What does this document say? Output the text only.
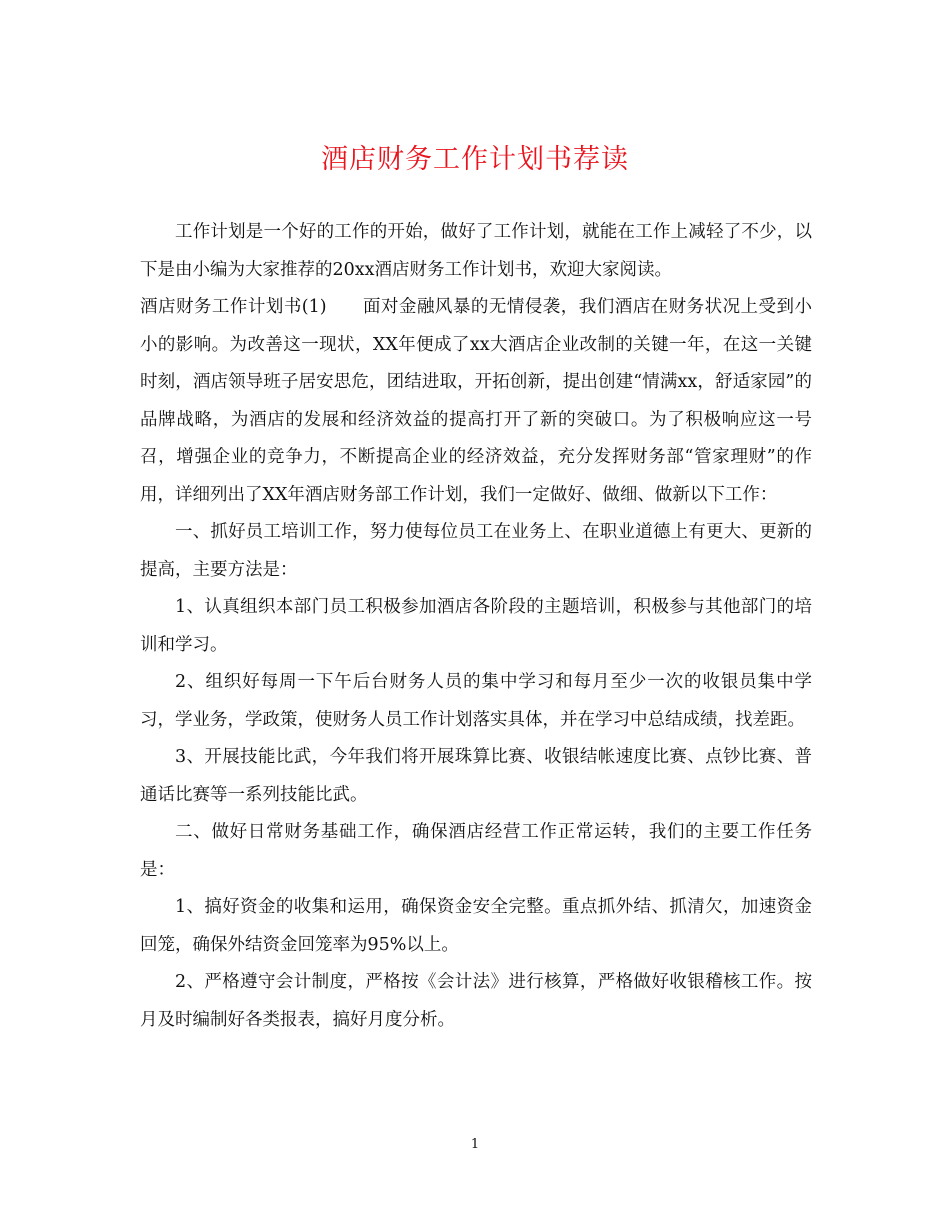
酒店财务工作计划书荐读

工作计划是一个好的工作的开始，做好了工作计划，就能在工作上减轻了不少，以下是由小编为大家推荐的20xx酒店财务工作计划书，欢迎大家阅读。

酒店财务工作计划书(1)　　面对金融风暴的无情侵袭，我们酒店在财务状况上受到小小的影响。为改善这一现状，XX年便成了xx大酒店企业改制的关键一年，在这一关键时刻，酒店领导班子居安思危，团结进取，开拓创新，提出创建“情满xx，舒适家园”的品牌战略，为酒店的发展和经济效益的提高打开了新的突破口。为了积极响应这一号召，增强企业的竞争力，不断提高企业的经济效益，充分发挥财务部“管家理财”的作用，详细列出了XX年酒店财务部工作计划，我们一定做好、做细、做新以下工作：

一、抓好员工培训工作，努力使每位员工在业务上、在职业道德上有更大、更新的提高，主要方法是：

1、认真组织本部门员工积极参加酒店各阶段的主题培训，积极参与其他部门的培训和学习。

2、组织好每周一下午后台财务人员的集中学习和每月至少一次的收银员集中学习，学业务，学政策，使财务人员工作计划落实具体，并在学习中总结成绩，找差距。

3、开展技能比武，今年我们将开展珠算比赛、收银结帐速度比赛、点钞比赛、普通话比赛等一系列技能比武。

二、做好日常财务基础工作，确保酒店经营工作正常运转，我们的主要工作任务是：

1、搞好资金的收集和运用，确保资金安全完整。重点抓外结、抓清欠，加速资金回笼，确保外结资金回笼率为95%以上。

2、严格遵守会计制度，严格按《会计法》进行核算，严格做好收银稽核工作。按月及时编制好各类报表，搞好月度分析。

1
